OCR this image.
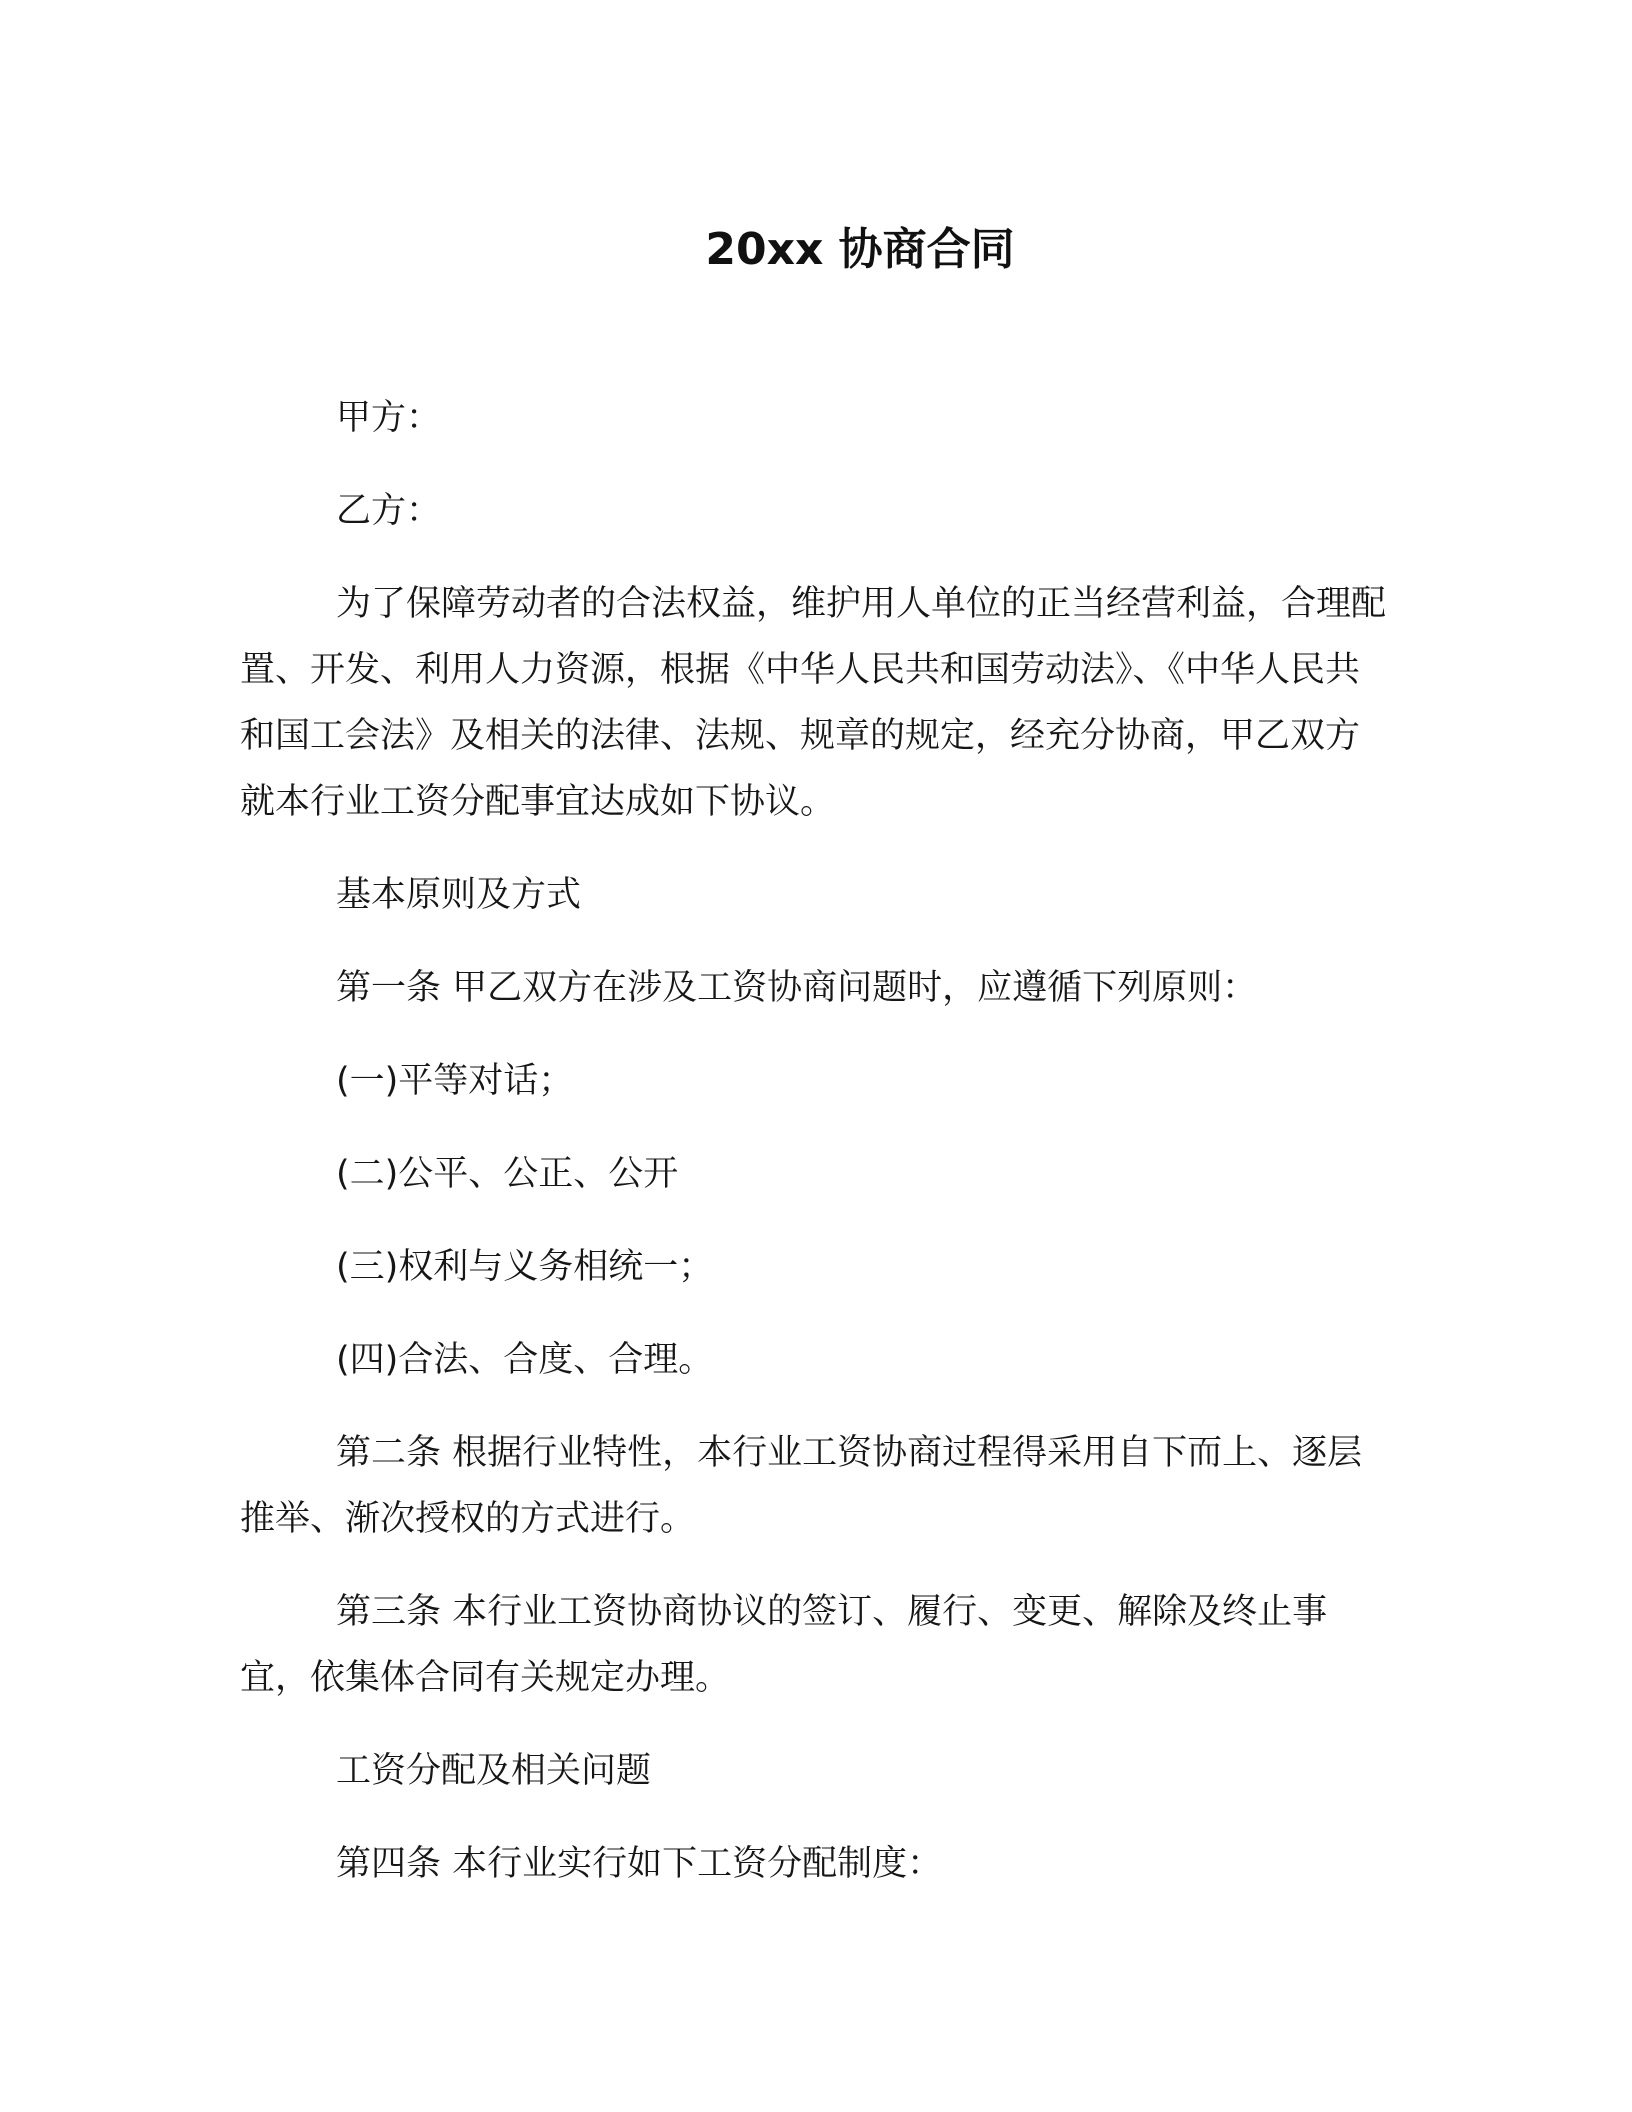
20xx 协商合同

甲方：

乙方：

为了保障劳动者的合法权益，维护用人单位的正当经营利益，合理配置、开发、利用人力资源，根据《中华人民共和国劳动法》、《中华人民共和国工会法》及相关的法律、法规、规章的规定，经充分协商，甲乙双方就本行业工资分配事宜达成如下协议。

基本原则及方式

第一条 甲乙双方在涉及工资协商问题时，应遵循下列原则：

(一)平等对话；

(二)公平、公正、公开

(三)权利与义务相统一；

(四)合法、合度、合理。

第二条 根据行业特性，本行业工资协商过程得采用自下而上、逐层推举、渐次授权的方式进行。

第三条 本行业工资协商协议的签订、履行、变更、解除及终止事宜，依集体合同有关规定办理。

工资分配及相关问题

第四条 本行业实行如下工资分配制度：
